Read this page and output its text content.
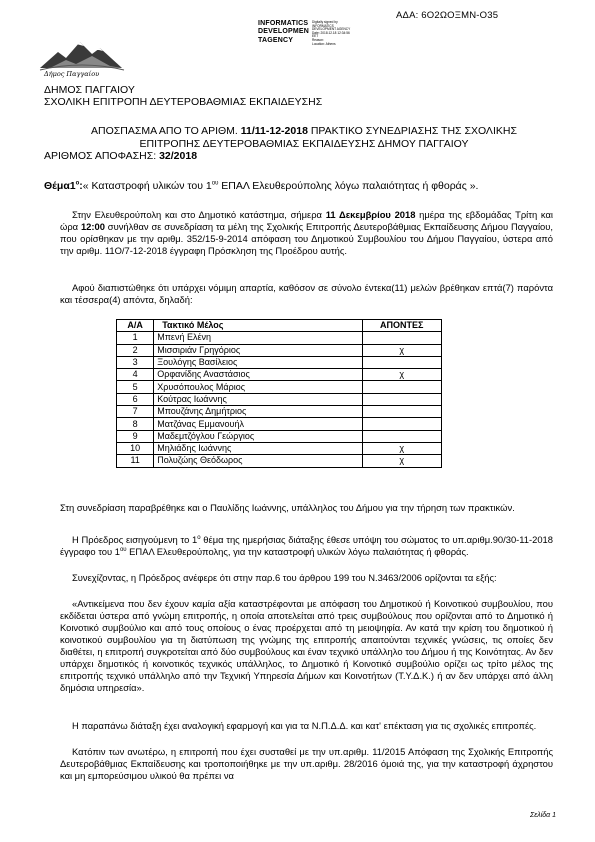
ΑΔΑ: 6Ο2ΩΟΞΜΝ-Ο35
INFORMATICS
DEVELOPMEN
TAGENCY
Digitally signed by
INFORMATICS
DEVELOPMENT AGENCY
Date: 2018.12.18 12:34:56
EET
Reason:
Location: Athens
Δήμος Παγγαίου
ΔΗΜΟΣ ΠΑΓΓΑΙΟΥ
ΣΧΟΛΙΚΗ ΕΠΙΤΡΟΠΗ ΔΕΥΤΕΡΟΒΑΘΜΙΑΣ ΕΚΠΑΙΔΕΥΣΗΣ
ΑΠΟΣΠΑΣΜΑ ΑΠΟ ΤΟ ΑΡΙΘΜ. 11/11-12-2018 ΠΡΑΚΤΙΚΟ ΣΥΝΕΔΡΙΑΣΗΣ ΤΗΣ ΣΧΟΛΙΚΗΣ
ΕΠΙΤΡΟΠΗΣ ΔΕΥΤΕΡΟΒΑΘΜΙΑΣ ΕΚΠΑΙΔΕΥΣΗΣ ΔΗΜΟΥ ΠΑΓΓΑΙΟΥ
ΑΡΙΘΜΟΣ ΑΠΟΦΑΣΗΣ: 32/2018
$\Theta έ\mu\alpha 1^o:«$ Καταστροφή υλικών του $1^{o\upsilon}$ ΕΠΑΛ Ελευθερούπολης λόγω παλαιότητας ή φθοράς ».
Στην Ελευθερούπολη και στο Δημοτικό κατάστημα, σήμερα 11 Δεκεμβρίου 2018 ημέρα της εβδομάδας Τρίτη και ώρα 12:00 συνήλθαν σε συνεδρίαση τα μέλη της Σχολικής Επιτροπής Δευτεροβάθμιας Εκπαίδευσης Δήμου Παγγαίου, που ορίσθηκαν με την αριθμ. 352/15-9-2014 απόφαση του Δημοτικού Συμβουλίου του Δήμου Παγγαίου, ύστερα από την αριθμ. 11Ο/7-12-2018 έγγραφη Πρόσκληση της Προέδρου αυτής.
Αφού διαπιστώθηκε ότι υπάρχει νόμιμη απαρτία, καθόσον σε σύνολο έντεκα(11) μελών βρέθηκαν επτά(7) παρόντα και τέσσερα(4) απόντα, δηλαδή:
Α/Α	Τακτικό Μέλος	ΑΠΟΝΤΕΣ
1	Μπενή Ελένη	
2	Μισσιριάν Γρηγόριος	χ
3	Ξουλόγης Βασίλειος	
4	Ορφανίδης Αναστάσιος	χ
5	Χρυσόπουλος Μάριος	
6	Κούτρας Ιωάννης	
7	Μπουζάνης Δημήτριος	
8	Ματζάνας Εμμανουήλ	
9	Μαδεμτζόγλου Γεώργιος	
10	Μηλιάδης Ιωάννης	χ
11	Πολυζώης Θεόδωρος	χ
Στη συνεδρίαση παραβρέθηκε και ο Παυλίδης Ιωάννης, υπάλληλος του Δήμου για την τήρηση των πρακτικών.
Η Πρόεδρος εισηγούμενη το $1^o$ θέμα της ημερήσιας διάταξης έθεσε υπόψη του σώματος το υπ.αριθμ.90/30-11-2018 έγγραφο του $1^{o\upsilon}$ ΕΠΑΛ Ελευθερούπολης, για την καταστροφή υλικών λόγω παλαιότητας ή φθοράς.
Συνεχίζοντας, η Πρόεδρος ανέφερε ότι στην παρ.6 του άρθρου 199 του Ν.3463/2006 ορίζονται τα εξής:
«Αντικείμενα που δεν έχουν καμία αξία καταστρέφονται με απόφαση του Δημοτικού ή Κοινοτικού συμβουλίου, που εκδίδεται ύστερα από γνώμη επιτροπής, η οποία αποτελείται από τρεις συμβούλους που ορίζονται από το Δημοτικό ή Κοινοτικό συμβούλιο και από τους οποίους ο ένας προέρχεται από τη μειοψηφία. Αν κατά την κρίση του δημοτικού ή κοινοτικού συμβουλίου για τη διατύπωση της γνώμης της επιτροπής απαιτούνται τεχνικές γνώσεις, τις οποίες δεν διαθέτει, η επιτροπή συγκροτείται από δύο συμβούλους και έναν τεχνικό υπάλληλο του Δήμου ή της Κοινότητας. Αν δεν υπάρχει δημοτικός ή κοινοτικός τεχνικός υπάλληλος, το Δημοτικό ή Κοινοτικό συμβούλιο ορίζει ως τρίτο μέλος της επιτροπής τεχνικό υπάλληλο από την Τεχνική Υπηρεσία Δήμων και Κοινοτήτων (Τ.Υ.Δ.Κ.) ή αν δεν υπάρχει από άλλη δημόσια υπηρεσία».
Η παραπάνω διάταξη έχει αναλογική εφαρμογή και για τα Ν.Π.Δ.Δ. και κατ' επέκταση για τις σχολικές επιτροπές.
Κατόπιν των ανωτέρω, η επιτροπή που έχει συσταθεί με την υπ.αριθμ. 11/2015 Απόφαση της Σχολικής Επιτροπής Δευτεροβάθμιας Εκπαίδευσης και τροποποιήθηκε με την υπ.αριθμ. 28/2016 όμοιά της, για την καταστροφή άχρηστου και μη εμπορεύσιμου υλικού θα πρέπει να
Σελίδα 1
